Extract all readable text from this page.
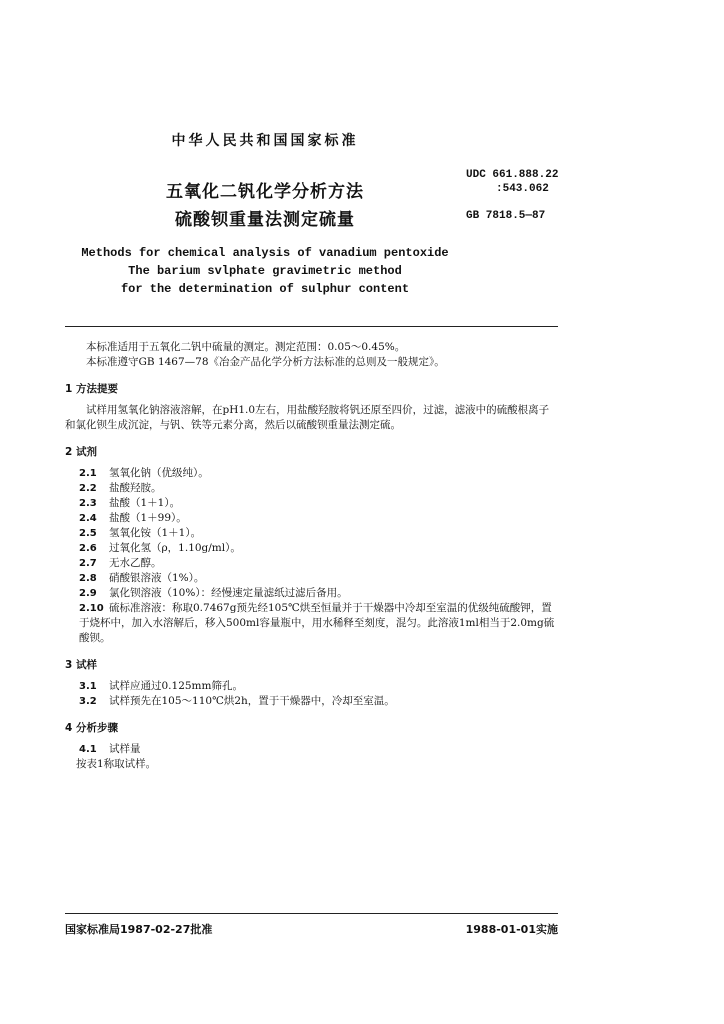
中华人民共和国国家标准
五氧化二钒化学分析方法
硫酸钡重量法测定硫量
Methods for chemical analysis of vanadium pentoxide
The barium svlphate gravimetric method
for the determination of sulphur content
UDC 661.888.22
:543.062
GB 7818.5—87

本标准适用于五氧化二钒中硫量的测定。测定范围：0.05～0.45%。

本标准遵守GB 1467—78《冶金产品化学分析方法标准的总则及一般规定》。

1 方法提要

试样用氢氧化钠溶液溶解，在pH1.0左右，用盐酸羟胺将钒还原至四价，过滤，滤液中的硫酸根离子和氯化钡生成沉淀，与钒、铁等元素分离，然后以硫酸钡重量法测定硫。

2 试剂
2.1	氢氧化钠（优级纯）。
2.2	盐酸羟胺。
2.3	盐酸（1＋1）。
2.4	盐酸（1＋99）。
2.5	氢氧化铵（1＋1）。
2.6	过氧化氢（ρ，1.10g/ml）。
2.7	无水乙醇。
2.8	硝酸银溶液（1%）。
2.9	氯化钡溶液（10%）：经慢速定量滤纸过滤后备用。
2.10 硫标准溶液：称取0.7467g预先经105℃烘至恒量并于干燥器中冷却至室温的优级纯硫酸钾，置于烧杯中，加入水溶解后，移入500ml容量瓶中，用水稀释至刻度，混匀。此溶液1ml相当于2.0mg硫酸钡。
3 试样
3.1	试样应通过0.125mm筛孔。
3.2	试样预先在105～110℃烘2h，置于干燥器中，冷却至室温。
4 分析步骤
4.1 试样量

按表1称取试样。

国家标准局1987-02-27批准	1988-01-01实施
